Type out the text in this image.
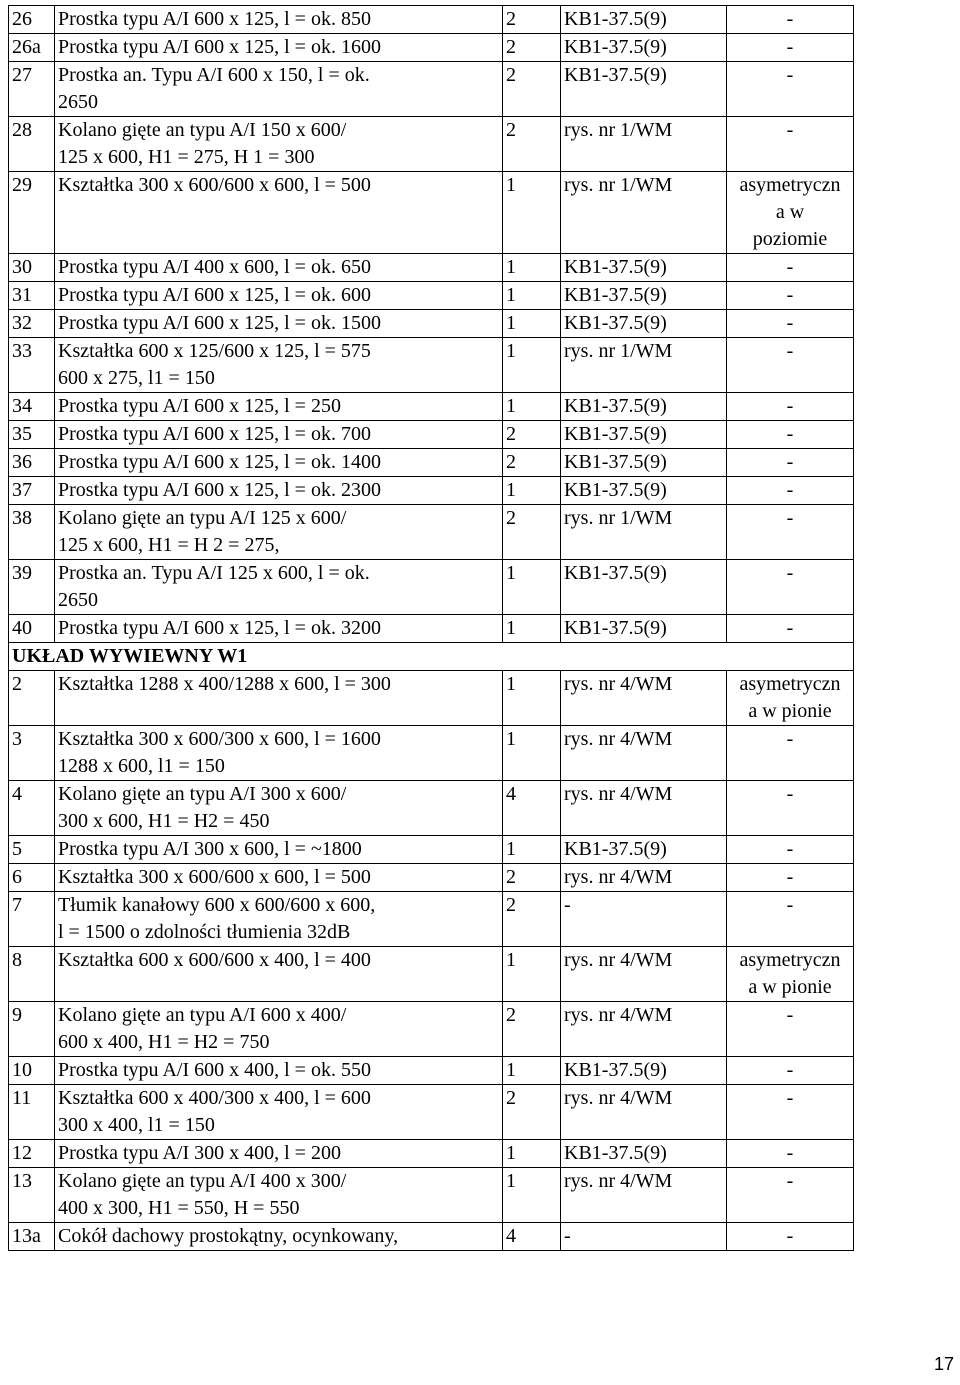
26	Prostka typu A/I 600 x 125, l = ok. 850	2	KB1-37.5(9)	-

26a	Prostka typu A/I 600 x 125, l = ok. 1600	2	KB1-37.5(9)	-

27	Prostka an. Typu A/I 600 x 150, l = ok.
2650	2	KB1-37.5(9)	-

28	Kolano gięte an typu A/I 150 x 600/
125 x 600, H1 = 275, H 1 = 300	2	rys. nr 1/WM	-

29	Kształtka 300 x 600/600 x 600, l = 500	1	rys. nr 1/WM	asymetryczn
a w
poziomie

30	Prostka typu A/I 400 x 600, l = ok. 650	1	KB1-37.5(9)	-

31	Prostka typu A/I 600 x 125, l = ok. 600	1	KB1-37.5(9)	-

32	Prostka typu A/I 600 x 125, l = ok. 1500	1	KB1-37.5(9)	-

33	Kształtka 600 x 125/600 x 125, l = 575
600 x 275, l1 = 150	1	rys. nr 1/WM	-

34	Prostka typu A/I 600 x 125, l = 250	1	KB1-37.5(9)	-

35	Prostka typu A/I 600 x 125, l = ok. 700	2	KB1-37.5(9)	-

36	Prostka typu A/I 600 x 125, l = ok. 1400	2	KB1-37.5(9)	-

37	Prostka typu A/I 600 x 125, l = ok. 2300	1	KB1-37.5(9)	-

38	Kolano gięte an typu A/I 125 x 600/
125 x 600, H1 = H 2 = 275,	2	rys. nr 1/WM	-

39	Prostka an. Typu A/I 125 x 600, l = ok.
2650	1	KB1-37.5(9)	-

40	Prostka typu A/I 600 x 125, l = ok. 3200	1	KB1-37.5(9)	-

UKŁAD WYWIEWNY W1				
2	Kształtka 1288 x 400/1288 x 600, l = 300	1	rys. nr 4/WM	asymetryczn
a w pionie

3	Kształtka 300 x 600/300 x 600, l = 1600
1288 x 600, l1 = 150	1	rys. nr 4/WM	-

4	Kolano gięte an typu A/I 300 x 600/
300 x 600, H1 = H2 = 450	4	rys. nr 4/WM	-

5	Prostka typu A/I 300 x 600, l = ~1800	1	KB1-37.5(9)	-

6	Kształtka 300 x 600/600 x 600, l = 500	2	rys. nr 4/WM	-

7	Tłumik kanałowy 600 x 600/600 x 600,
l = 1500 o zdolności tłumienia 32dB	2	-	-

8	Kształtka 600 x 600/600 x 400, l = 400	1	rys. nr 4/WM	asymetryczn
a w pionie

9	Kolano gięte an typu A/I 600 x 400/
600 x 400, H1 = H2 = 750	2	rys. nr 4/WM	-

10	Prostka typu A/I 600 x 400, l = ok. 550	1	KB1-37.5(9)	-

11	Kształtka 600 x 400/300 x 400, l = 600
300 x 400, l1 = 150	2	rys. nr 4/WM	-

12	Prostka typu A/I 300 x 400, l = 200	1	KB1-37.5(9)	-

13	Kolano gięte an typu A/I 400 x 300/
400 x 300, H1 = 550, H = 550	1	rys. nr 4/WM	-

13a	Cokół dachowy prostokątny, ocynkowany,	4	-	-
17
